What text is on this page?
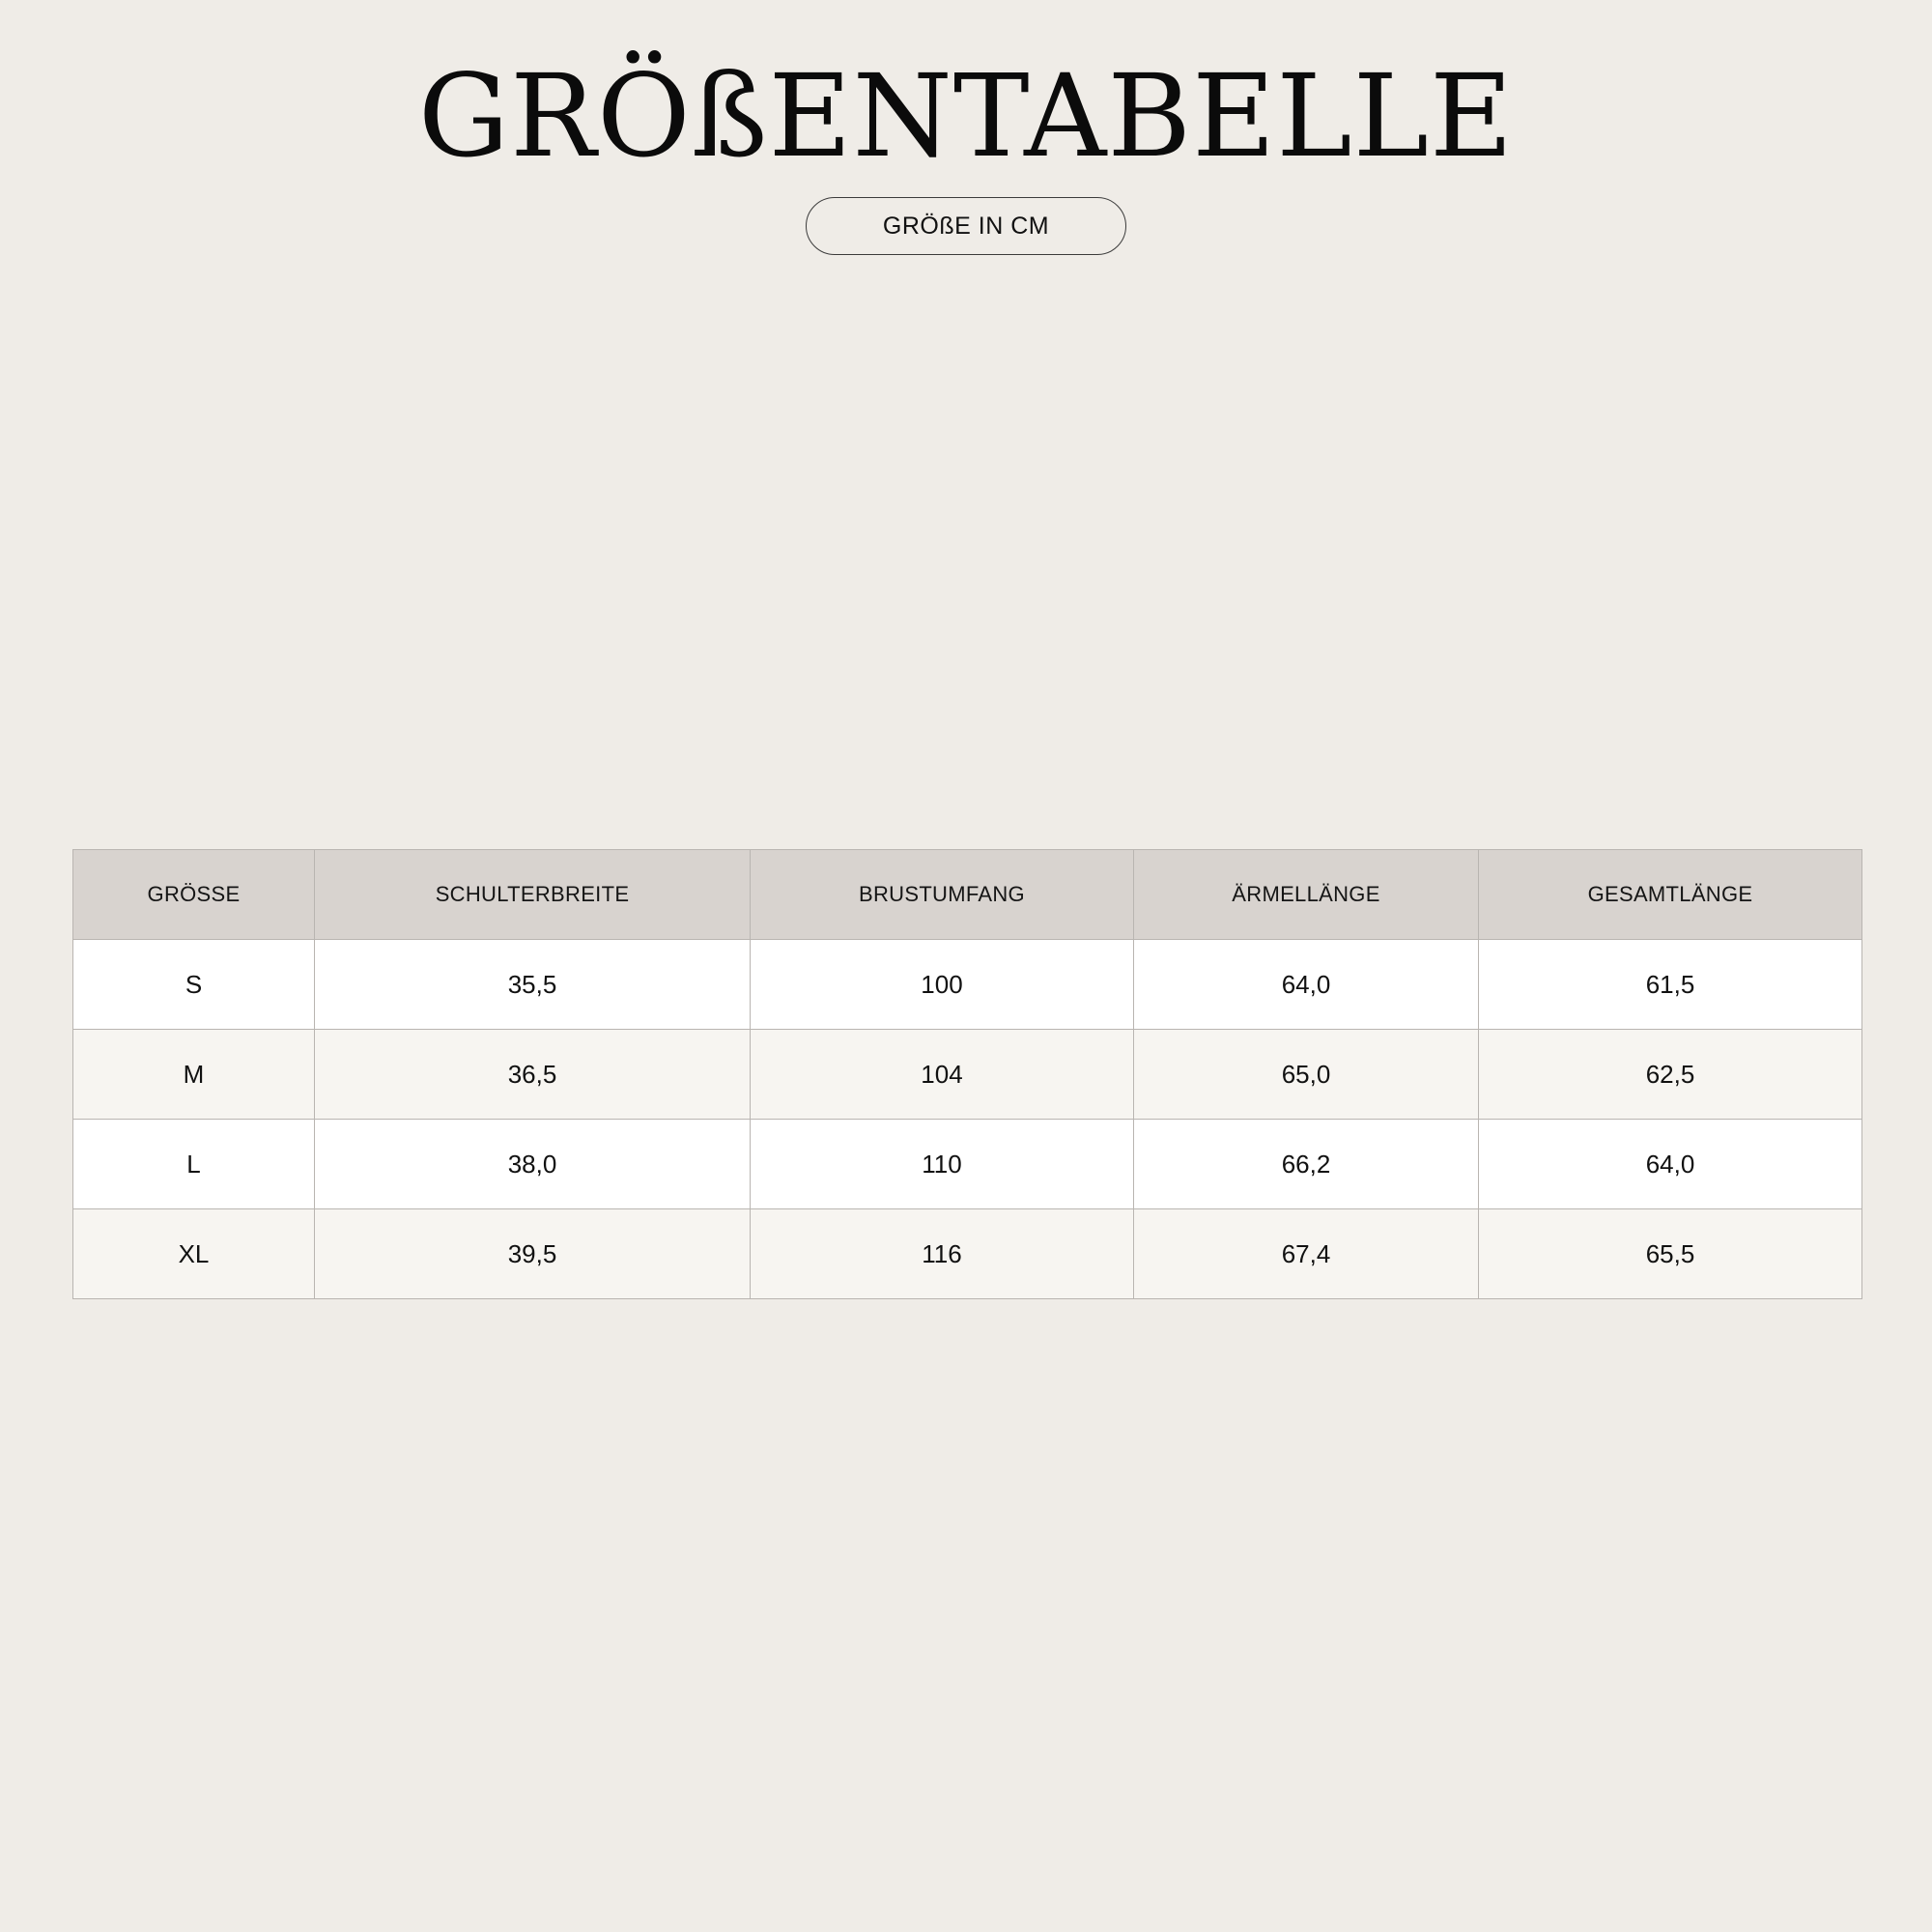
GRÖßENTABELLE
GRÖßE IN CM
GRÖSSE	SCHULTERBREITE	BRUSTUMFANG	ÄRMELLÄNGE	GESAMTLÄNGE
S	35,5	100	64,0	61,5
M	36,5	104	65,0	62,5
L	38,0	110	66,2	64,0
XL	39,5	116	67,4	65,5
